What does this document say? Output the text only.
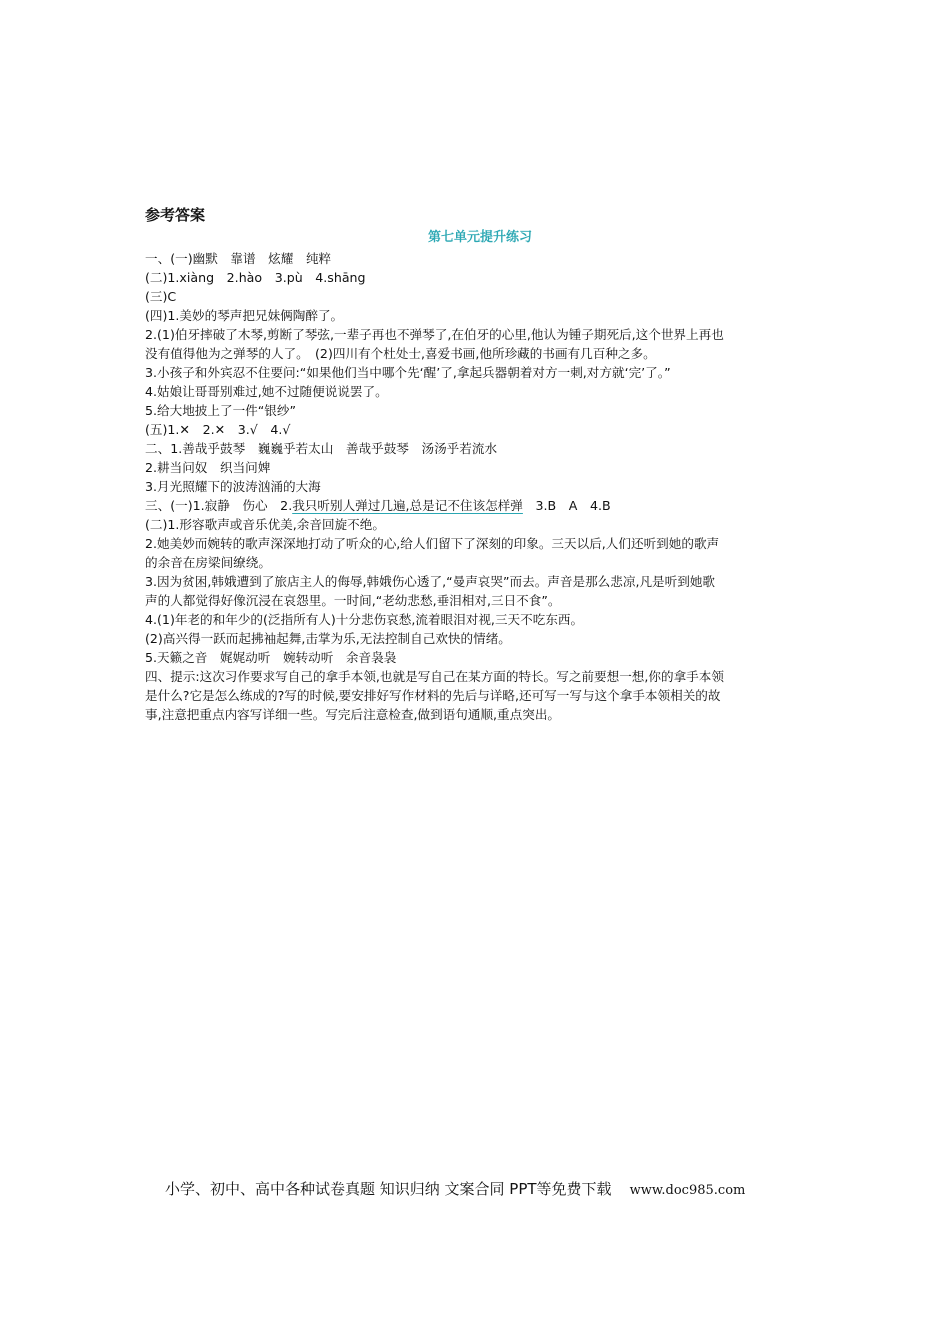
参考答案

第七单元提升练习

一、(一)幽默　靠谱　炫耀　纯粹

(二)1.xiàng　2.hào　3.pù　4.shāng

(三)C

(四)1.美妙的琴声把兄妹俩陶醉了。

2.(1)伯牙摔破了木琴,剪断了琴弦,一辈子再也不弹琴了,在伯牙的心里,他认为锺子期死后,这个世界上再也

没有值得他为之弹琴的人了。　(2)四川有个杜处士,喜爱书画,他所珍藏的书画有几百种之多。

3.小孩子和外宾忍不住要问:“如果他们当中哪个先‘醒’了,拿起兵器朝着对方一刺,对方就‘完’了。”

4.姑娘让哥哥别难过,她不过随便说说罢了。

5.给大地披上了一件“银纱”

(五)1.✕　2.✕　3.√　4.√

二、1.善哉乎鼓琴　巍巍乎若太山　善哉乎鼓琴　汤汤乎若流水

2.耕当问奴　织当问婢

3.月光照耀下的波涛汹涌的大海

三、(一)1.寂静　伤心　2.我只听别人弹过几遍,总是记不住该怎样弹　3.B　A　4.B

(二)1.形容歌声或音乐优美,余音回旋不绝。

2.她美妙而婉转的歌声深深地打动了听众的心,给人们留下了深刻的印象。三天以后,人们还听到她的歌声

的余音在房梁间缭绕。

3.因为贫困,韩娥遭到了旅店主人的侮辱,韩娥伤心透了,“曼声哀哭”而去。声音是那么悲凉,凡是听到她歌

声的人都觉得好像沉浸在哀怨里。一时间,“老幼悲愁,垂泪相对,三日不食”。

4.(1)年老的和年少的(泛指所有人)十分悲伤哀愁,流着眼泪对视,三天不吃东西。

(2)高兴得一跃而起拂袖起舞,击掌为乐,无法控制自己欢快的情绪。

5.天籁之音　娓娓动听　婉转动听　余音袅袅

四、提示:这次习作要求写自己的拿手本领,也就是写自己在某方面的特长。写之前要想一想,你的拿手本领

是什么?它是怎么练成的?写的时候,要安排好写作材料的先后与详略,还可写一写与这个拿手本领相关的故

事,注意把重点内容写详细一些。写完后注意检查,做到语句通顺,重点突出。

小学、初中、高中各种试卷真题 知识归纳 文案合同 PPT等免费下载 www.doc985.com
